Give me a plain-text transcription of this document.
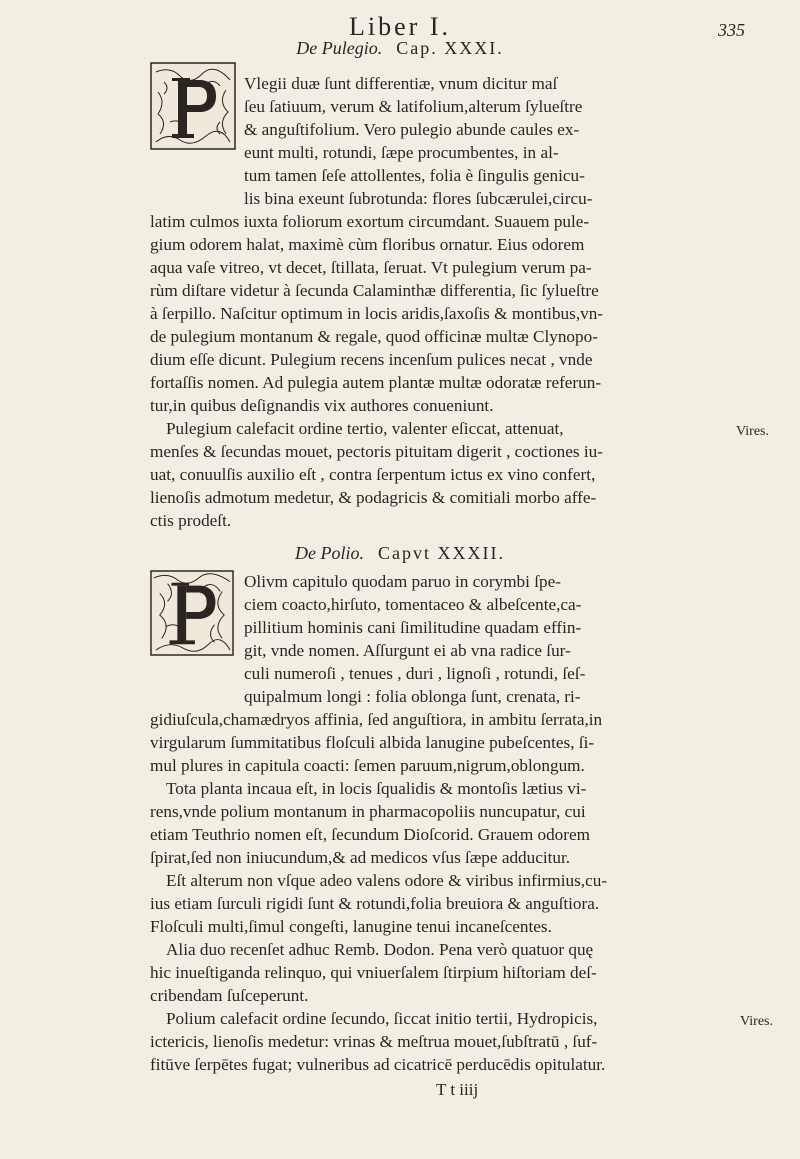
Liber I.	335
De Pulegio. Cap. XXXI.
Vlegii duæ ſunt differentiæ, vnum dicitur maſ
ſeu ſatiuum, verum & latifolium,alterum ſylueſtre
& anguſtifolium. Vero pulegio abunde caules ex-
eunt multi, rotundi, ſæpe procumbentes, in al-
tum tamen ſeſe attollentes, folia è ſingulis genicu-
lis bina exeunt ſubrotunda: flores ſubcærulei,circu-
latim culmos iuxta foliorum exortum circumdant. Suauem pule-
gium odorem halat, maximè cùm floribus ornatur. Eius odorem
aqua vaſe vitreo, vt decet, ſtillata, ſeruat. Vt pulegium verum pa-
rùm diſtare videtur à ſecunda Calaminthæ differentia, ſic ſylueſtre
à ſerpillo. Naſcitur optimum in locis aridis,ſaxoſis & montibus,vn-
de pulegium montanum & regale, quod officinæ multæ Clynopo-
dium eſſe dicunt. Pulegium recens incenſum pulices necat , vnde
fortaſſis nomen. Ad pulegia autem plantæ multæ odoratæ referun-
tur,in quibus deſignandis vix authores conueniunt.
Pulegium calefacit ordine tertio, valenter eſiccat, attenuat,
menſes & ſecundas mouet, pectoris pituitam digerit , coctiones iu-
uat, conuulſis auxilio eſt , contra ſerpentum ictus ex vino confert,
lienoſis admotum medetur, & podagricis & comitiali morbo affe-
ctis prodeſt.
Vires.
De Polio. Capvt XXXII.
Olivm capitulo quodam paruo in corymbi ſpe-
ciem coacto,hirſuto, tomentaceo & albeſcente,ca-
pillitium hominis cani ſimilitudine quadam effin-
git, vnde nomen. Aſſurgunt ei ab vna radice ſur-
culi numeroſi , tenues , duri , lignoſi , rotundi, ſeſ-
quipalmum longi : folia oblonga ſunt, crenata, ri-
gidiuſcula,chamædryos affinia, ſed anguſtiora, in ambitu ſerrata,in
virgularum ſummitatibus floſculi albida lanugine pubeſcentes, ſi-
mul plures in capitula coacti: ſemen paruum,nigrum,oblongum.
Tota planta incaua eſt, in locis ſqualidis & montoſis lætius vi-
rens,vnde polium montanum in pharmacopoliis nuncupatur, cui
etiam Teuthrio nomen eſt, ſecundum Dioſcorid. Grauem odorem
ſpirat,ſed non iniucundum,& ad medicos vſus ſæpe adducitur.
Eſt alterum non vſque adeo valens odore & viribus infirmius,cu-
ius etiam ſurculi rigidi ſunt & rotundi,folia breuiora & anguſtiora.
Floſculi multi,ſimul congeſti, lanugine tenui incaneſcentes.
Alia duo recenſet adhuc Remb. Dodon. Pena verò quatuor quę
hic inueſtiganda relinquo, qui vniuerſalem ſtirpium hiſtoriam deſ-
cribendam ſuſceperunt.
Polium calefacit ordine ſecundo, ſiccat initio tertii, Hydropicis,
ictericis, lienoſis medetur: vrinas & meſtrua mouet,ſubſtratū , ſuf-
fitūve ſerpētes fugat; vulneribus ad cicatricē perducēdis opitulatur.
Vires.
T t iiij
